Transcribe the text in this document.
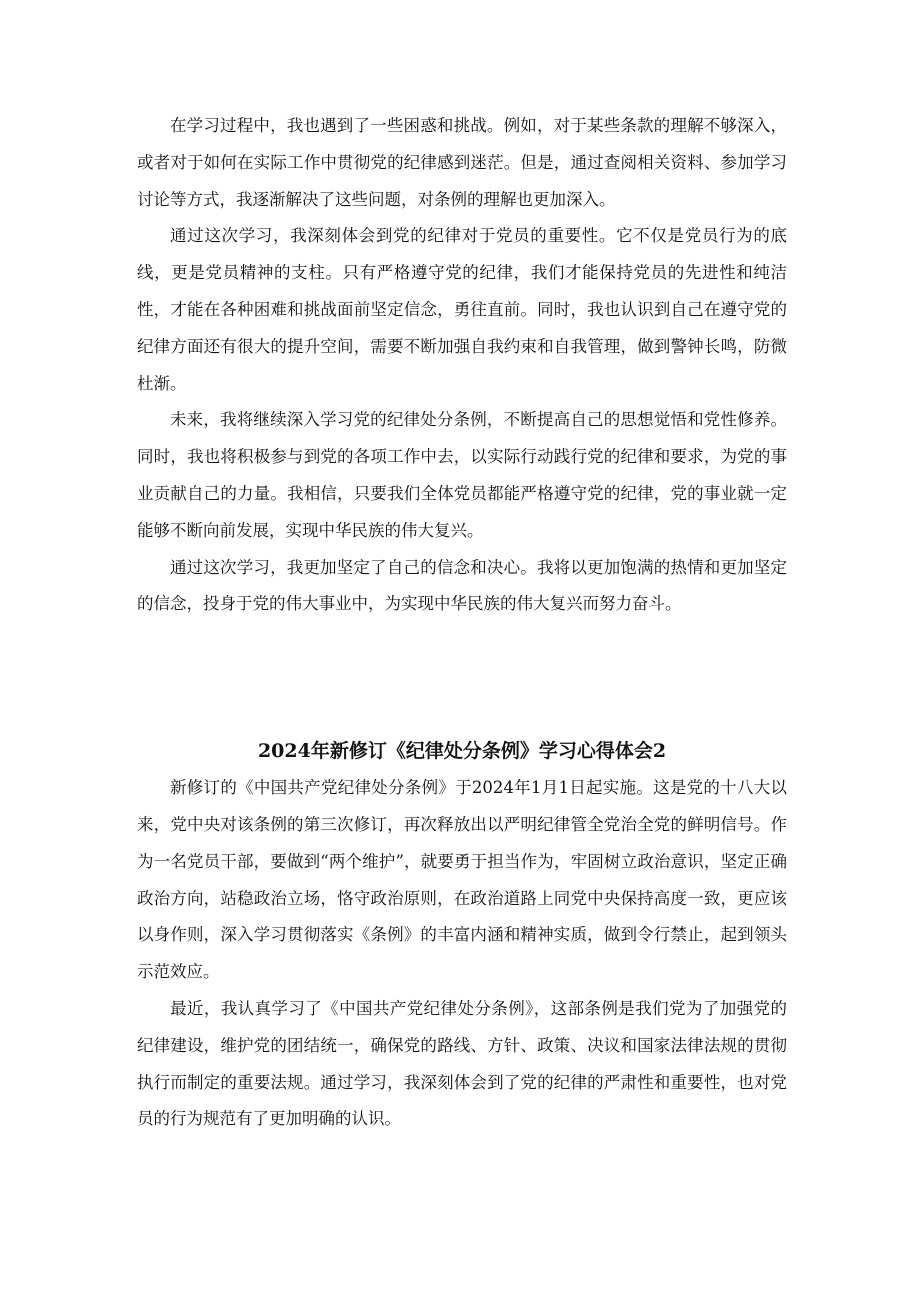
在学习过程中，我也遇到了一些困惑和挑战。例如，对于某些条款的理解不够深入，或者对于如何在实际工作中贯彻党的纪律感到迷茫。但是，通过查阅相关资料、参加学习讨论等方式，我逐渐解决了这些问题，对条例的理解也更加深入。

通过这次学习，我深刻体会到党的纪律对于党员的重要性。它不仅是党员行为的底线，更是党员精神的支柱。只有严格遵守党的纪律，我们才能保持党员的先进性和纯洁性，才能在各种困难和挑战面前坚定信念，勇往直前。同时，我也认识到自己在遵守党的纪律方面还有很大的提升空间，需要不断加强自我约束和自我管理，做到警钟长鸣，防微杜渐。

未来，我将继续深入学习党的纪律处分条例，不断提高自己的思想觉悟和党性修养。同时，我也将积极参与到党的各项工作中去，以实际行动践行党的纪律和要求，为党的事业贡献自己的力量。我相信，只要我们全体党员都能严格遵守党的纪律，党的事业就一定能够不断向前发展，实现中华民族的伟大复兴。

通过这次学习，我更加坚定了自己的信念和决心。我将以更加饱满的热情和更加坚定的信念，投身于党的伟大事业中，为实现中华民族的伟大复兴而努力奋斗。

2024年新修订《纪律处分条例》学习心得体会2

新修订的《中国共产党纪律处分条例》于2024年1月1日起实施。这是党的十八大以来，党中央对该条例的第三次修订，再次释放出以严明纪律管全党治全党的鲜明信号。作为一名党员干部，要做到“两个维护”，就要勇于担当作为，牢固树立政治意识，坚定正确政治方向，站稳政治立场，恪守政治原则，在政治道路上同党中央保持高度一致，更应该以身作则，深入学习贯彻落实《条例》的丰富内涵和精神实质，做到令行禁止，起到领头示范效应。

最近，我认真学习了《中国共产党纪律处分条例》，这部条例是我们党为了加强党的纪律建设，维护党的团结统一，确保党的路线、方针、政策、决议和国家法律法规的贯彻执行而制定的重要法规。通过学习，我深刻体会到了党的纪律的严肃性和重要性，也对党员的行为规范有了更加明确的认识。
